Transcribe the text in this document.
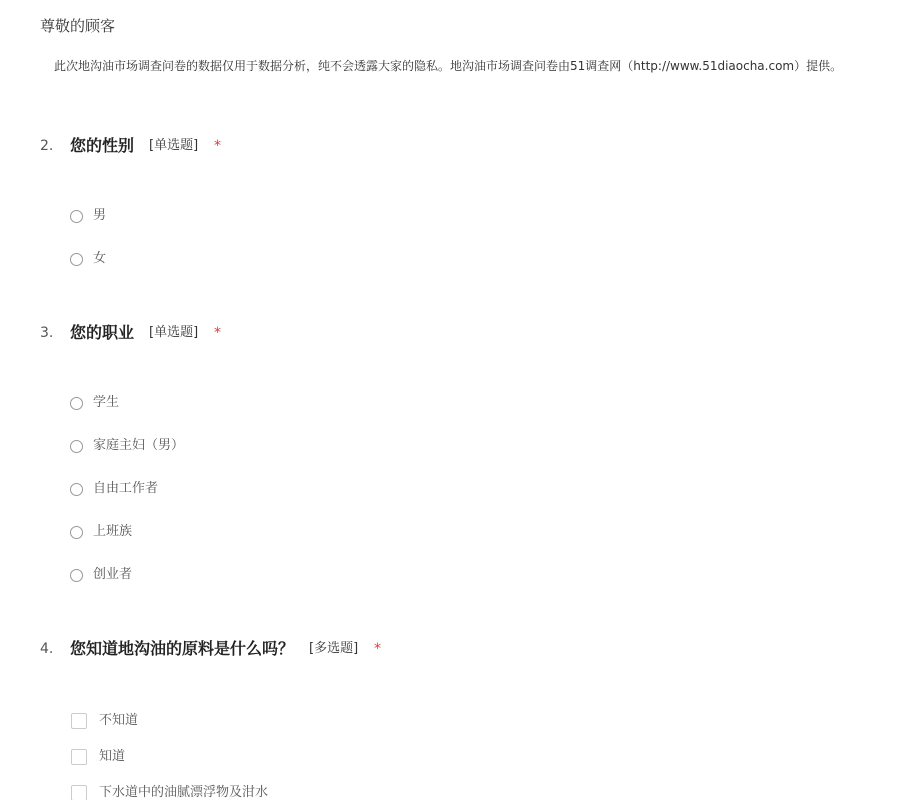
尊敬的顾客
此次地沟油市场调查问卷的数据仅用于数据分析，纯不会透露大家的隐私。地沟油市场调查问卷由51调查网（http://www.51diaocha.com）提供。
2. 您的性别 [单选题] *
男
女
3. 您的职业 [单选题] *
学生
家庭主妇（男）
自由工作者
上班族
创业者
4. 您知道地沟油的原料是什么吗？ [多选题] *
不知道
知道
下水道中的油腻漂浮物及泔水
